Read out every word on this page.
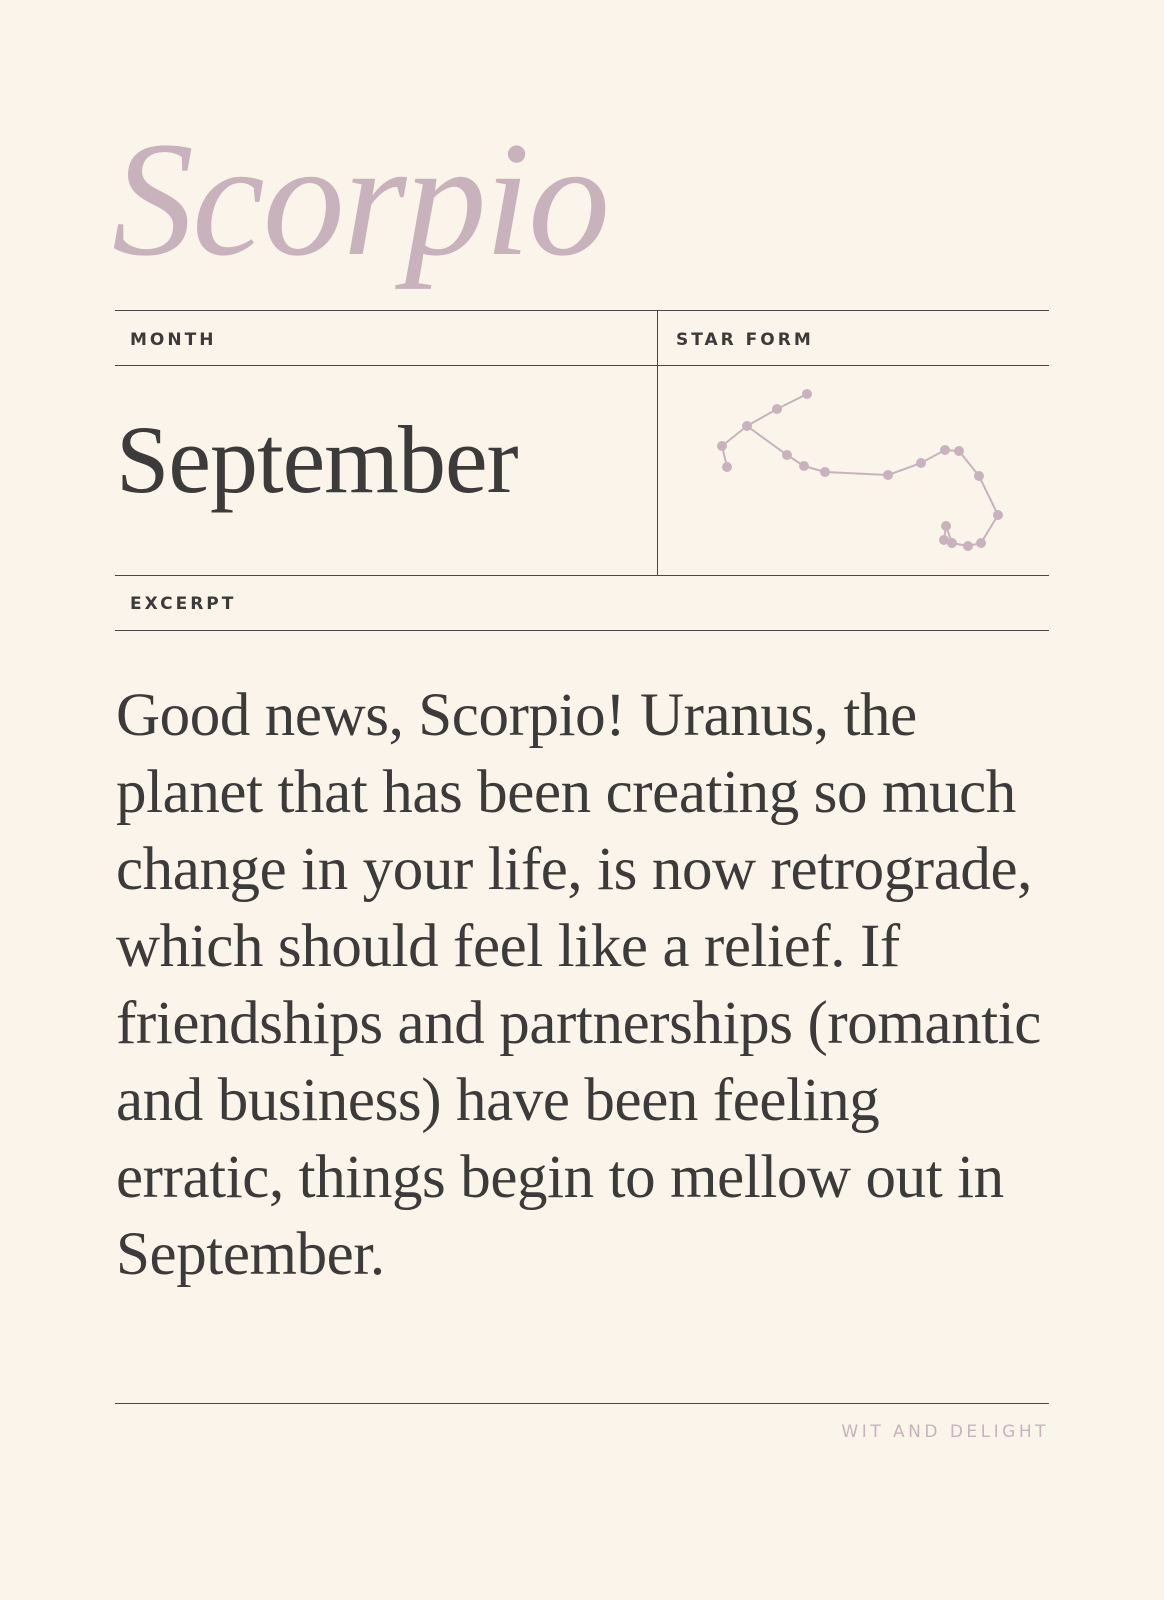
Scorpio
MONTH	STAR FORM
September
EXCERPT
Good news, Scorpio! Uranus, the planet that has been creating so much change in your life, is now retrograde, which should feel like a relief. If friendships and partnerships (romantic and business) have been feeling erratic, things begin to mellow out in September.
WIT AND DELIGHT
